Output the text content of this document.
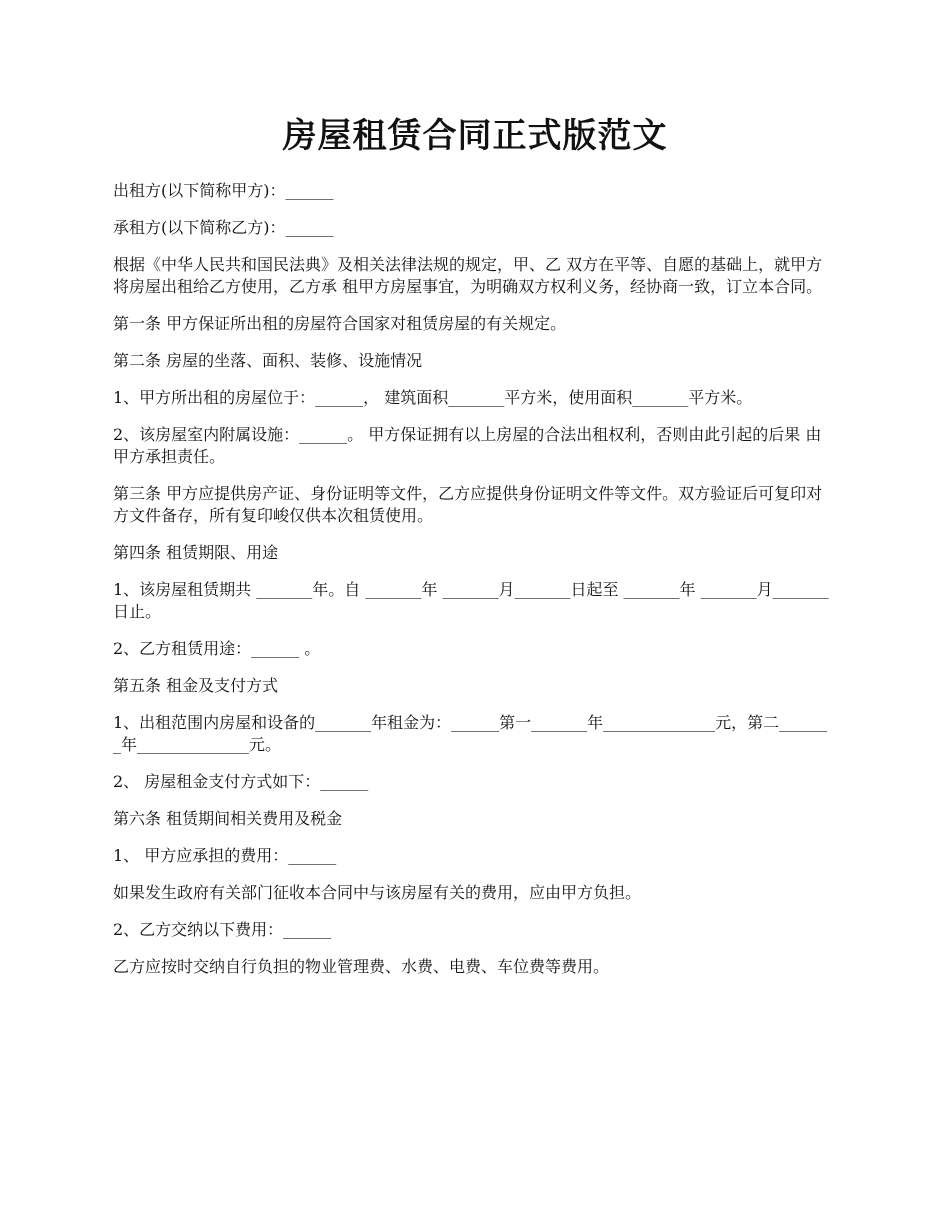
房屋租赁合同正式版范文

出租方(以下简称甲方)：______

承租方(以下简称乙方)：______

根据《中华人民共和国民法典》及相关法律法规的规定，甲、乙 双方在平等、自愿的基础上，就甲方将房屋出租给乙方使用，乙方承 租甲方房屋事宜，为明确双方权利义务，经协商一致，订立本合同。

第一条 甲方保证所出租的房屋符合国家对租赁房屋的有关规定。

第二条 房屋的坐落、面积、装修、设施情况

1、甲方所出租的房屋位于：______， 建筑面积_______平方米，使用面积_______平方米。

2、该房屋室内附属设施：______。 甲方保证拥有以上房屋的合法出租权利，否则由此引起的后果 由甲方承担责任。

第三条 甲方应提供房产证、身份证明等文件，乙方应提供身份证明文件等文件。双方验证后可复印对方文件备存，所有复印峻仅供本次租赁使用。

第四条 租赁期限、用途

1、该房屋租赁期共 _______年。自 _______年 _______月_______日起至 _______年 _______月_______日止。

2、乙方租赁用途：______ 。

第五条 租金及支付方式

1、出租范围内房屋和设备的_______年租金为：______第一_______年______________元，第二_______年______________元。

2、 房屋租金支付方式如下：______

第六条 租赁期间相关费用及税金

1、 甲方应承担的费用：______

如果发生政府有关部门征收本合同中与该房屋有关的费用，应由甲方负担。

2、乙方交纳以下费用：______

乙方应按时交纳自行负担的物业管理费、水费、电费、车位费等费用。
